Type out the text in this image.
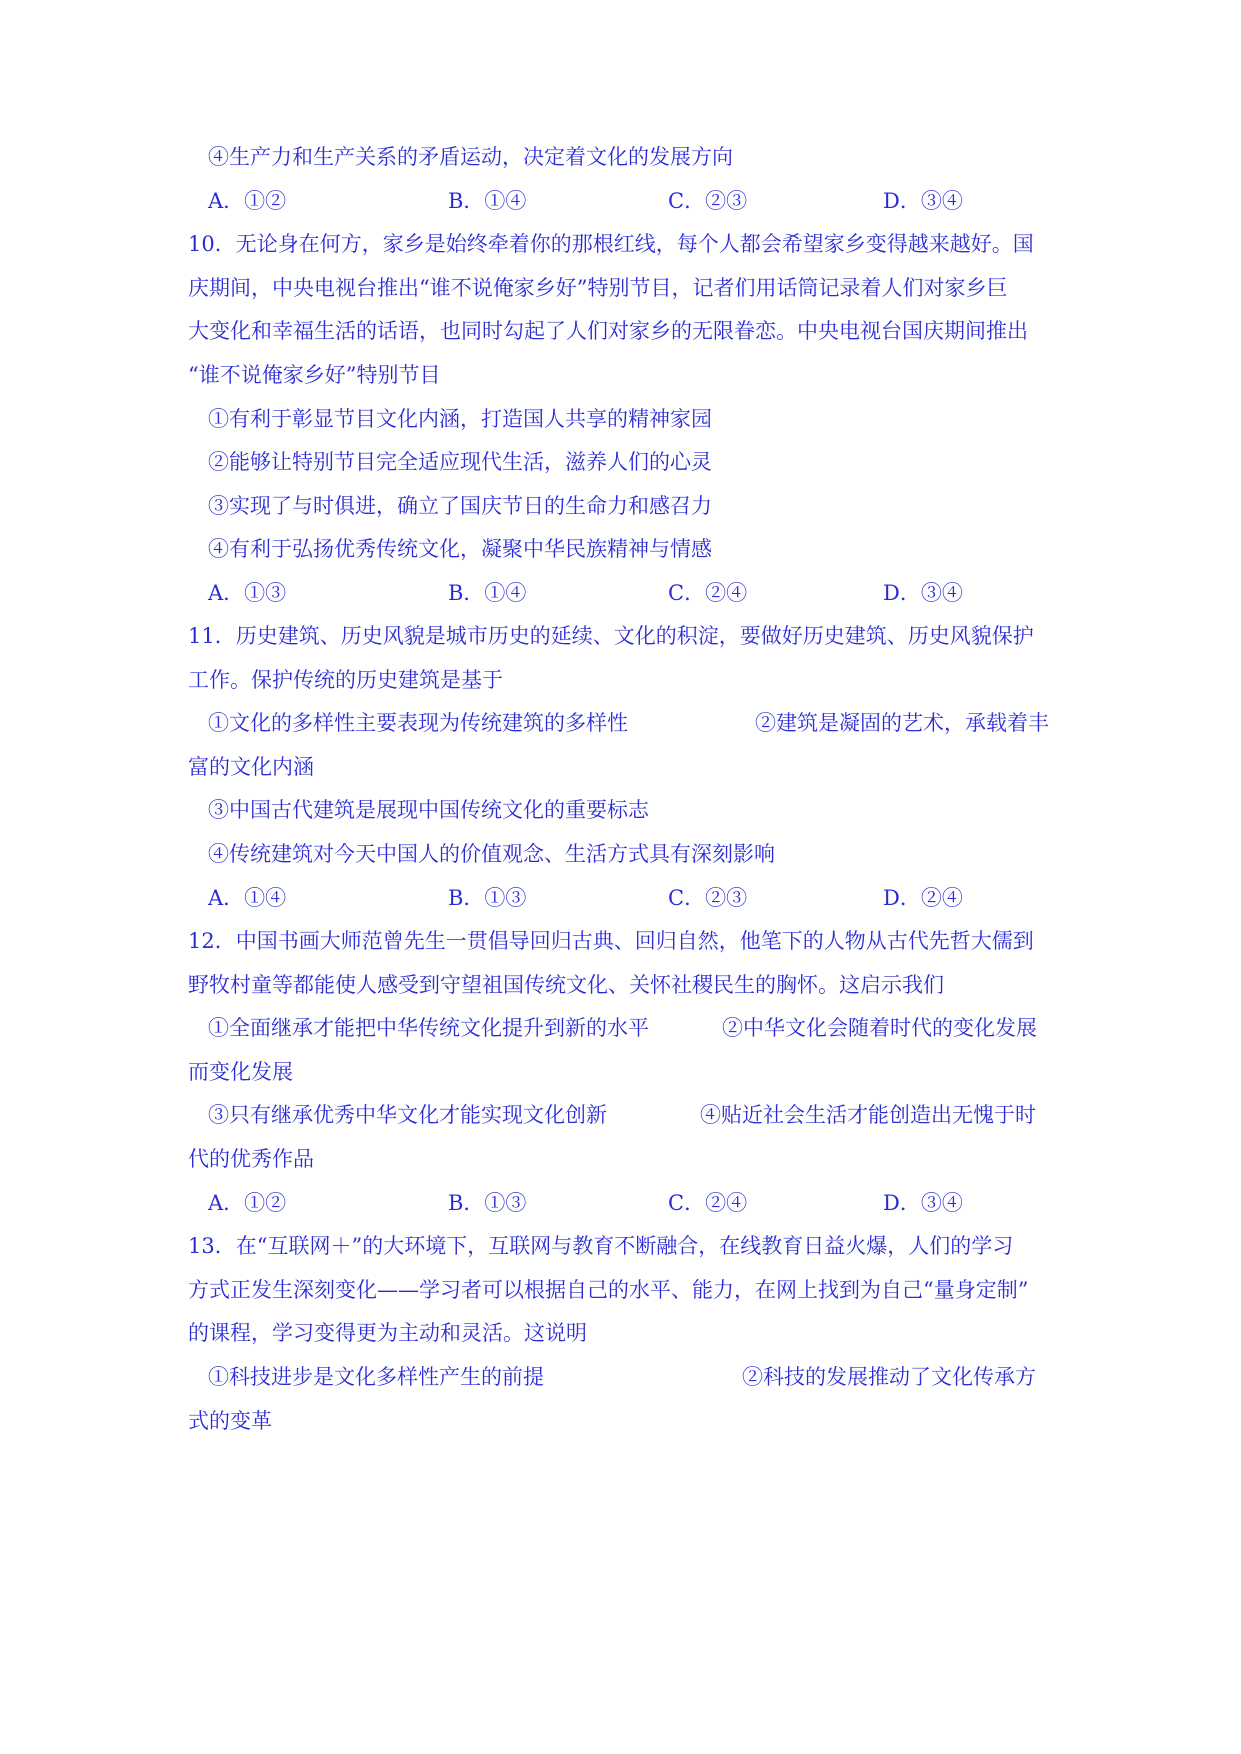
④生产力和生产关系的矛盾运动，决定着文化的发展方向
A．①②	B．①④	C．②③	D．③④
10．无论身在何方，家乡是始终牵着你的那根红线，每个人都会希望家乡变得越来越好。国
庆期间，中央电视台推出“谁不说俺家乡好”特别节目，记者们用话筒记录着人们对家乡巨
大变化和幸福生活的话语，也同时勾起了人们对家乡的无限眷恋。中央电视台国庆期间推出
“谁不说俺家乡好”特别节目
①有利于彰显节目文化内涵，打造国人共享的精神家园
②能够让特别节目完全适应现代生活，滋养人们的心灵
③实现了与时俱进，确立了国庆节日的生命力和感召力
④有利于弘扬优秀传统文化，凝聚中华民族精神与情感
A．①③	B．①④	C．②④	D．③④
11．历史建筑、历史风貌是城市历史的延续、文化的积淀，要做好历史建筑、历史风貌保护
工作。保护传统的历史建筑是基于
①文化的多样性主要表现为传统建筑的多样性	②建筑是凝固的艺术，承载着丰
富的文化内涵
③中国古代建筑是展现中国传统文化的重要标志
④传统建筑对今天中国人的价值观念、生活方式具有深刻影响
A．①④	B．①③	C．②③	D．②④
12．中国书画大师范曾先生一贯倡导回归古典、回归自然，他笔下的人物从古代先哲大儒到
野牧村童等都能使人感受到守望祖国传统文化、关怀社稷民生的胸怀。这启示我们
①全面继承才能把中华传统文化提升到新的水平	②中华文化会随着时代的变化发展
而变化发展
③只有继承优秀中华文化才能实现文化创新	④贴近社会生活才能创造出无愧于时
代的优秀作品
A．①②	B．①③	C．②④	D．③④
13．在“互联网＋”的大环境下，互联网与教育不断融合，在线教育日益火爆，人们的学习
方式正发生深刻变化——学习者可以根据自己的水平、能力，在网上找到为自己“量身定制”
的课程，学习变得更为主动和灵活。这说明
①科技进步是文化多样性产生的前提	②科技的发展推动了文化传承方
式的变革
